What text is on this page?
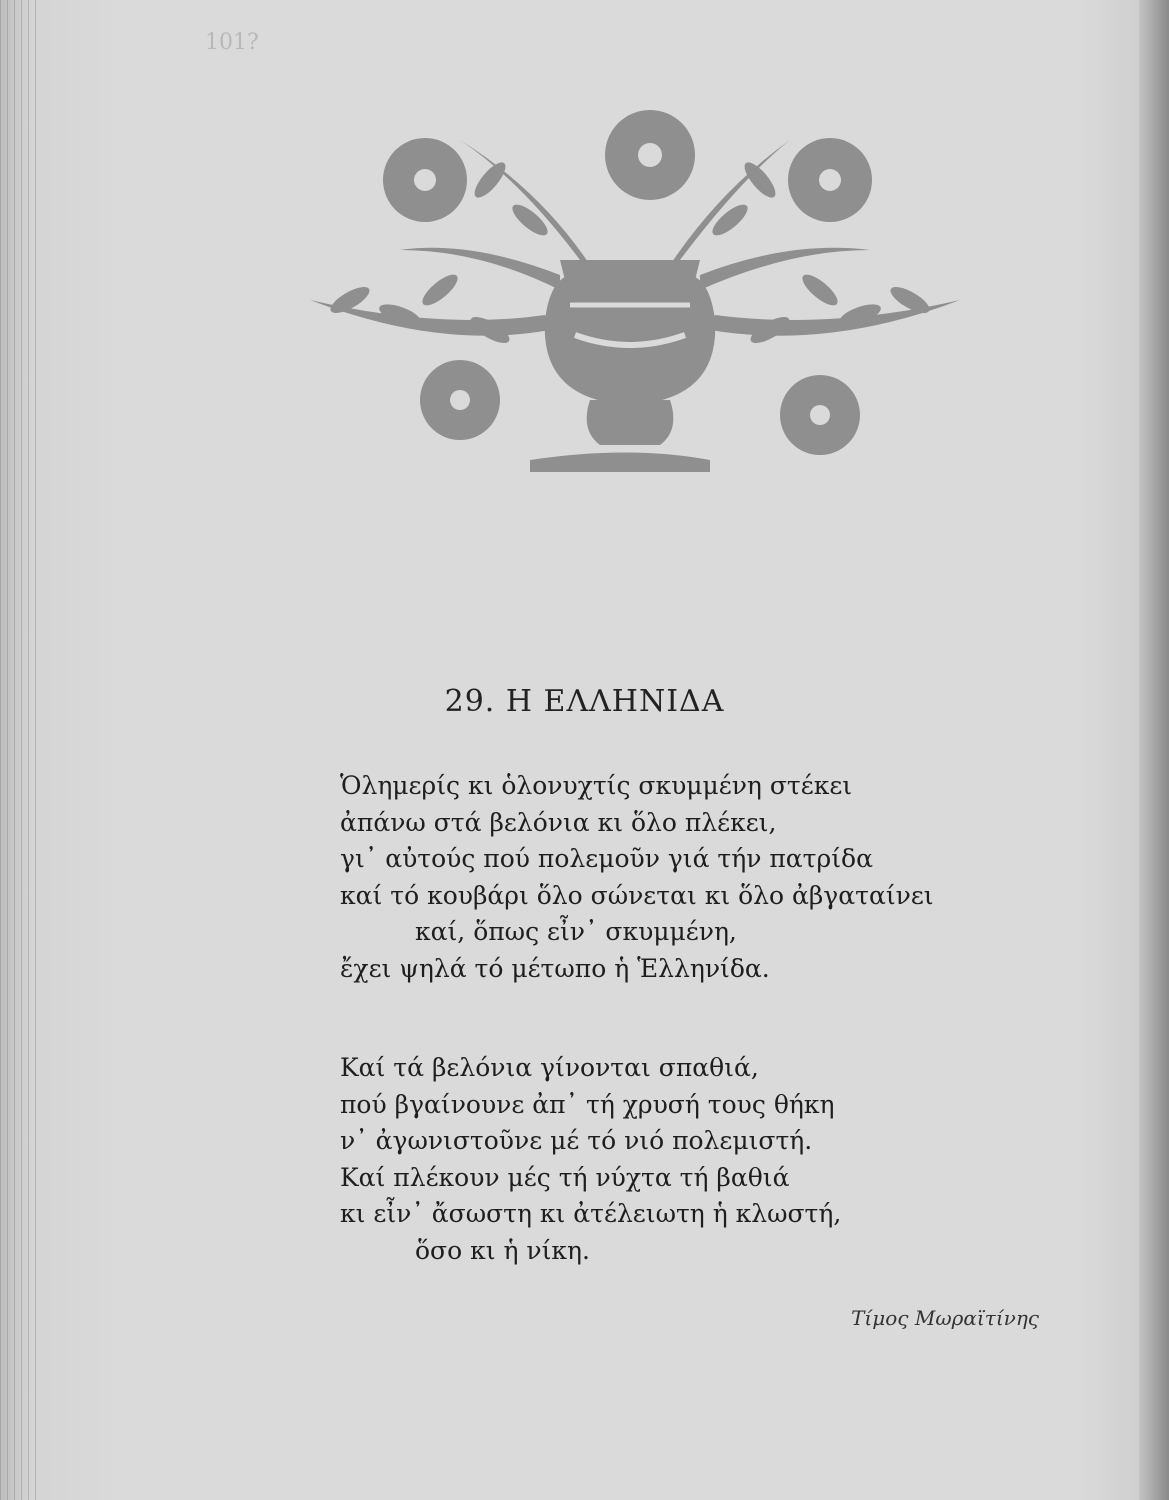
101?
29. Η ΕΛΛΗΝΙΔΑ
Ὁλημερίς κι ὁλονυχτίς σκυμμένη στέκει
ἀπάνω στά βελόνια κι ὅλο πλέκει,
γι᾽ αὐτούς πού πολεμοῦν γιά τήν πατρίδα
καί τό κουβάρι ὅλο σώνεται κι ὅλο ἀβγαταίνει
καί, ὅπως εἶν᾽ σκυμμένη,
ἔχει ψηλά τό μέτωπο ἡ Ἑλληνίδα.
Καί τά βελόνια γίνονται σπαθιά,
πού βγαίνουνε ἀπ᾽ τή χρυσή τους θήκη
ν᾽ ἀγωνιστοῦνε μέ τό νιό πολεμιστή.
Καί πλέκουν μές τή νύχτα τή βαθιά
κι εἶν᾽ ἄσωστη κι ἀτέλειωτη ἡ κλωστή,
ὅσο κι ἡ νίκη.
Τίμος Μωραϊτίνης
